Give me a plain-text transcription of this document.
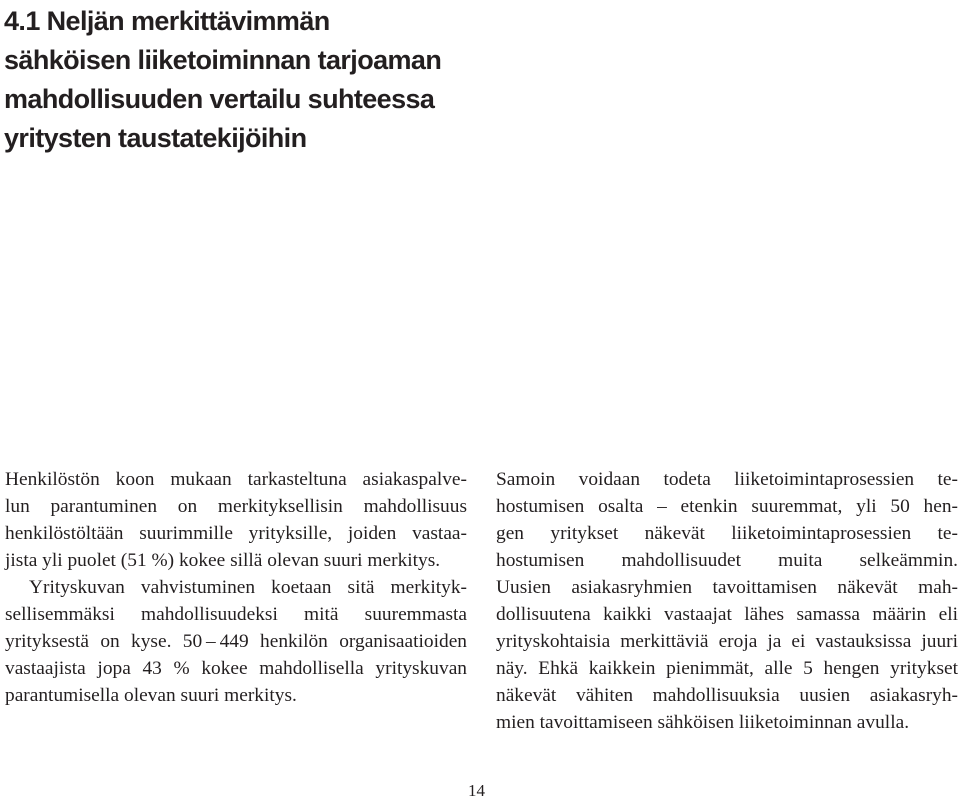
4.1 Neljän merkittävimmän
sähköisen liiketoiminnan tarjoaman
mahdollisuuden vertailu suhteessa
yritysten taustatekijöihin
Henkilöstön koon mukaan tarkasteltuna asiakaspalve-
lun parantuminen on merkityksellisin mahdollisuus
henkilöstöltään suurimmille yrityksille, joiden vastaa-
jista yli puolet (51 %) kokee sillä olevan suuri merkitys.
Yrityskuvan vahvistuminen koetaan sitä merkityk-
sellisemmäksi mahdollisuudeksi mitä suuremmasta
yrityksestä on kyse. 50 – 449 henkilön organisaatioiden
vastaajista jopa 43 % kokee mahdollisella yrityskuvan
parantumisella olevan suuri merkitys.
Samoin voidaan todeta liiketoimintaprosessien te-
hostumisen osalta – etenkin suuremmat, yli 50 hen-
gen yritykset näkevät liiketoimintaprosessien te-
hostumisen mahdollisuudet muita selkeämmin.
Uusien asiakasryhmien tavoittamisen näkevät mah-
dollisuutena kaikki vastaajat lähes samassa määrin eli
yrityskohtaisia merkittäviä eroja ja ei vastauksissa juuri
näy. Ehkä kaikkein pienimmät, alle 5 hengen yritykset
näkevät vähiten mahdollisuuksia uusien asiakasryh-
mien tavoittamiseen sähköisen liiketoiminnan avulla.
14
